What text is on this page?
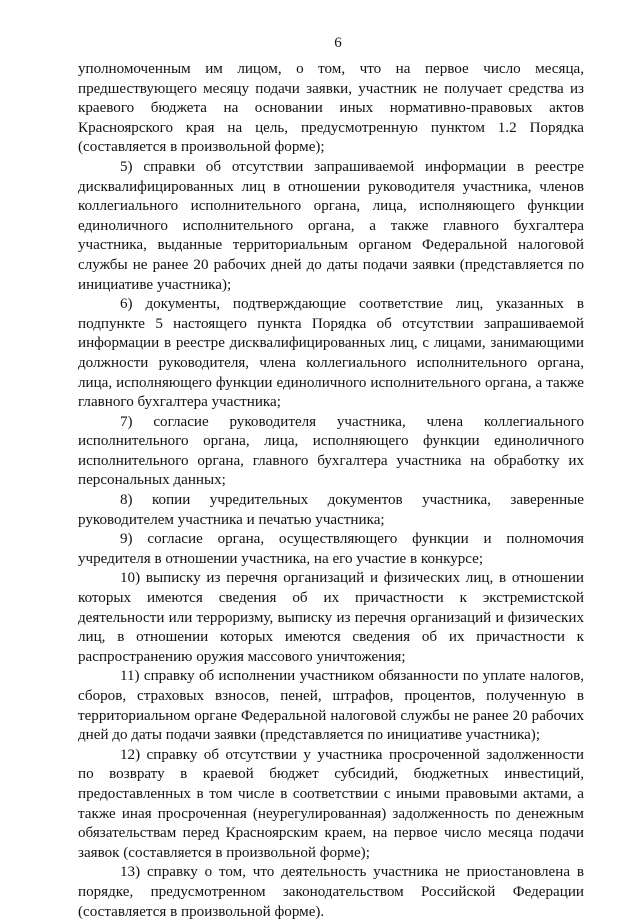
6

уполномоченным им лицом, о том, что на первое число месяца, предшествующего месяцу подачи заявки, участник не получает средства из краевого бюджета на основании иных нормативно-правовых актов Красноярского края на цель, предусмотренную пунктом 1.2 Порядка (составляется в произвольной форме);

5) справки об отсутствии запрашиваемой информации в реестре дисквалифицированных лиц в отношении руководителя участника, членов коллегиального исполнительного органа, лица, исполняющего функции единоличного исполнительного органа, а также главного бухгалтера участника, выданные территориальным органом Федеральной налоговой службы не ранее 20 рабочих дней до даты подачи заявки (представляется по инициативе участника);

6) документы, подтверждающие соответствие лиц, указанных в подпункте 5 настоящего пункта Порядка об отсутствии запрашиваемой информации в реестре дисквалифицированных лиц, с лицами, занимающими должности руководителя, члена коллегиального исполнительного органа, лица, исполняющего функции единоличного исполнительного органа, а также главного бухгалтера участника;

7) согласие руководителя участника, члена коллегиального исполнительного органа, лица, исполняющего функции единоличного исполнительного органа, главного бухгалтера участника на обработку их персональных данных;

8) копии учредительных документов участника, заверенные руководителем участника и печатью участника;

9) согласие органа, осуществляющего функции и полномочия учредителя в отношении участника, на его участие в конкурсе;

10) выписку из перечня организаций и физических лиц, в отношении которых имеются сведения об их причастности к экстремистской деятельности или терроризму, выписку из перечня организаций и физических лиц, в отношении которых имеются сведения об их причастности к распространению оружия массового уничтожения;

11) справку об исполнении участником обязанности по уплате налогов, сборов, страховых взносов, пеней, штрафов, процентов, полученную в территориальном органе Федеральной налоговой службы не ранее 20 рабочих дней до даты подачи заявки (представляется по инициативе участника);

12) справку об отсутствии у участника просроченной задолженности по возврату в краевой бюджет субсидий, бюджетных инвестиций, предоставленных в том числе в соответствии с иными правовыми актами, а также иная просроченная (неурегулированная) задолженность по денежным обязательствам перед Красноярским краем, на первое число месяца подачи заявок (составляется в произвольной форме);

13) справку о том, что деятельность участника не приостановлена в порядке, предусмотренном законодательством Российской Федерации (составляется в произвольной форме).
